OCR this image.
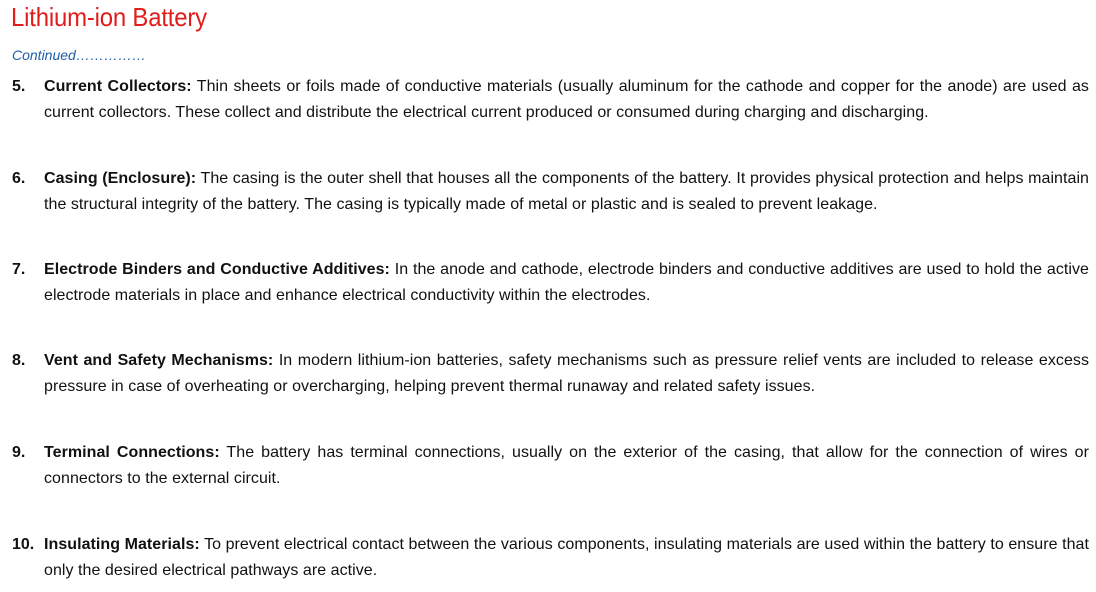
Lithium-ion Battery
Continued……………
5. Current Collectors: Thin sheets or foils made of conductive materials (usually aluminum for the cathode and copper for the anode) are used as current collectors. These collect and distribute the electrical current produced or consumed during charging and discharging.

6. Casing (Enclosure): The casing is the outer shell that houses all the components of the battery. It provides physical protection and helps maintain the structural integrity of the battery. The casing is typically made of metal or plastic and is sealed to prevent leakage.

7. Electrode Binders and Conductive Additives: In the anode and cathode, electrode binders and conductive additives are used to hold the active electrode materials in place and enhance electrical conductivity within the electrodes.

8. Vent and Safety Mechanisms: In modern lithium-ion batteries, safety mechanisms such as pressure relief vents are included to release excess pressure in case of overheating or overcharging, helping prevent thermal runaway and related safety issues.

9. Terminal Connections: The battery has terminal connections, usually on the exterior of the casing, that allow for the connection of wires or connectors to the external circuit.

10. Insulating Materials: To prevent electrical contact between the various components, insulating materials are used within the battery to ensure that only the desired electrical pathways are active.
